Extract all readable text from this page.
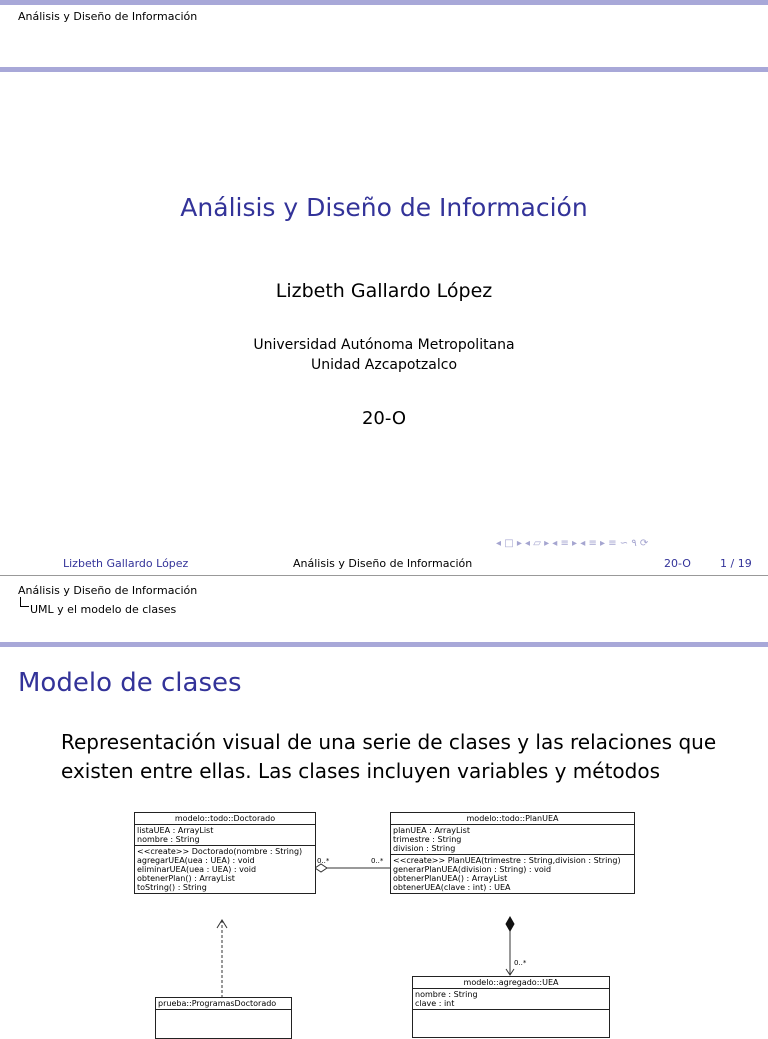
Análisis y Diseño de Información
Análisis y Diseño de Información
Lizbeth Gallardo López
Universidad Autónoma Metropolitana
Unidad Azcapotzalco
20-O
◂ □ ▸ ◂ ▱ ▸ ◂ ≡ ▸ ◂ ≡ ▸ ≡ ∽ ۹ ⟳
Lizbeth Gallardo López	Análisis y Diseño de Información	20-O	1 / 19
Análisis y Diseño de Información
UML y el modelo de clases
Modelo de clases
Representación visual de una serie de clases y las relaciones que existen entre ellas. Las clases incluyen variables y métodos
modelo::todo::Doctorado
listaUEA : ArrayList
nombre : String
<<create>> Doctorado(nombre : String)
agregarUEA(uea : UEA) : void
eliminarUEA(uea : UEA) : void
obtenerPlan() : ArrayList
toString() : String
modelo::todo::PlanUEA
planUEA : ArrayList
trimestre : String
division : String
<<create>> PlanUEA(trimestre : String,division : String)
generarPlanUEA(division : String) : void
obtenerPlanUEA() : ArrayList
obtenerUEA(clave : int) : UEA
modelo::agregado::UEA
nombre : String
clave : int
prueba::ProgramasDoctorado
0..*	0..*
0..*
